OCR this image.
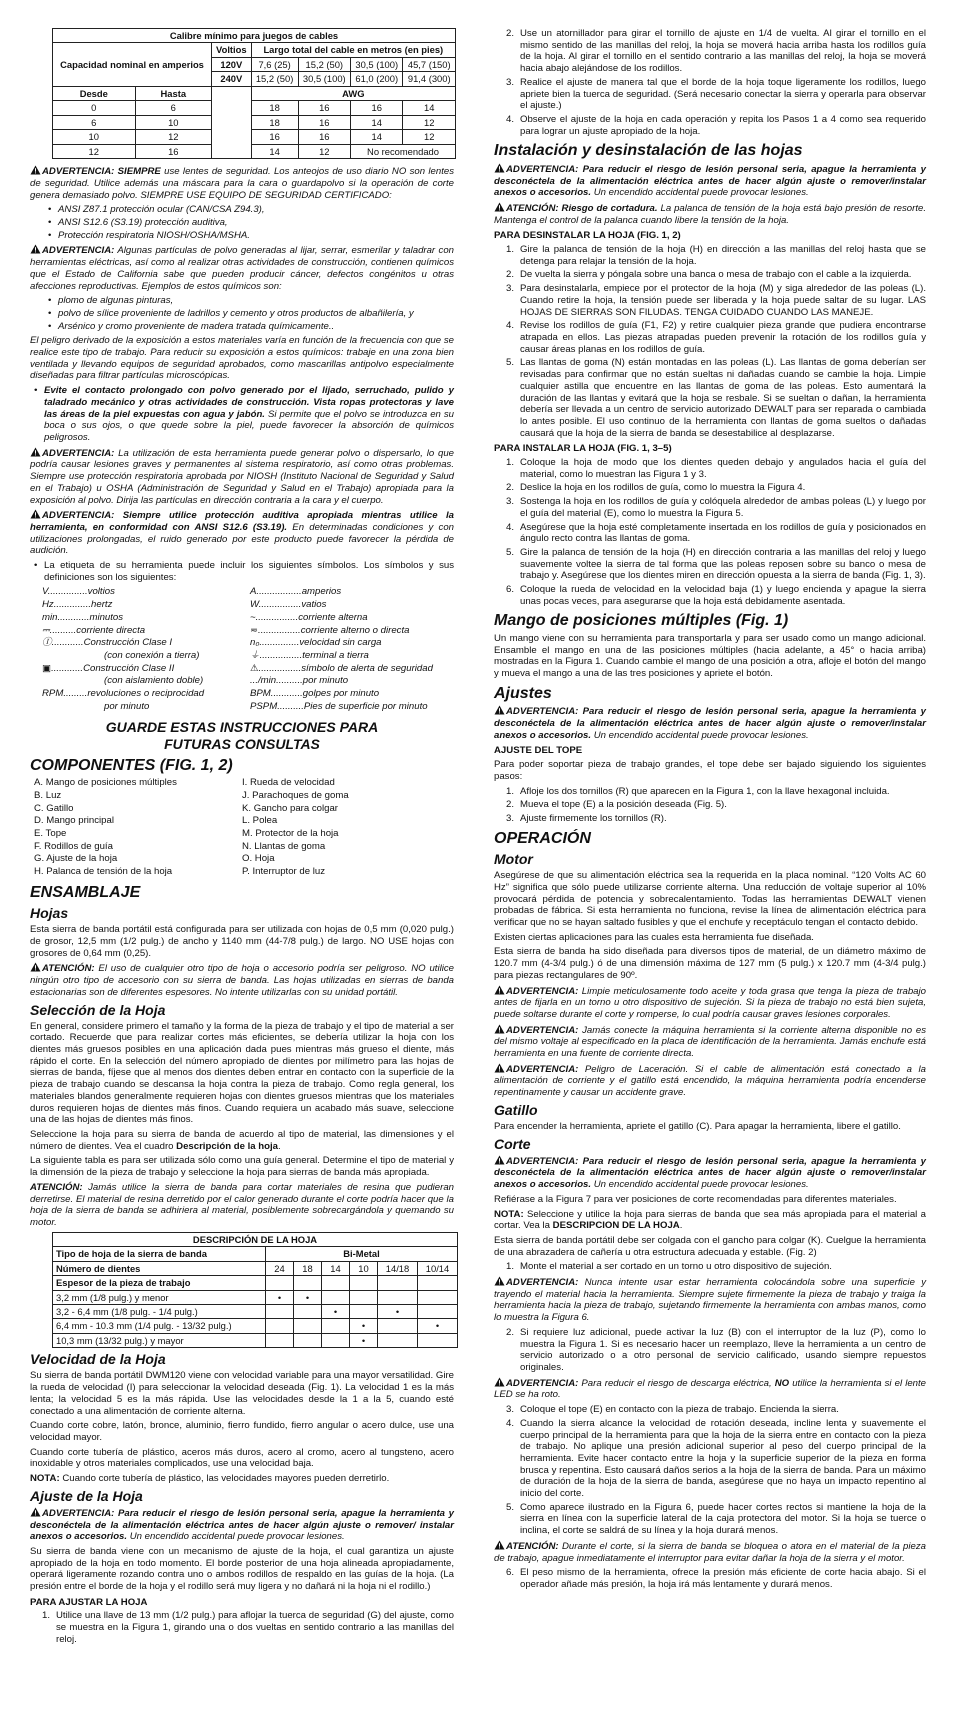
Calibre mínimo para juegos de cables						
Capacidad nominal en amperios		Voltios	Largo total del cable en metros (en pies)			
		120V	7,6 (25)	15,2 (50)	30,5 (100)	45,7 (150)
		240V	15,2 (50)	30,5 (100)	61,0 (200)	91,4 (300)
Desde	Hasta		AWG			
0	6		18	16	16	14
6	10		18	16	14	12
10	12		16	16	14	12
12	16		14	12	No recomendado	

ADVERTENCIA: SIEMPRE use lentes de seguridad. Los anteojos de uso diario NO son lentes de seguridad. Utilice además una máscara para la cara o guardapolvo si la operación de corte genera demasiado polvo. SIEMPRE USE EQUIPO DE SEGURIDAD CERTIFICADO:

• ANSI Z87.1 protección ocular (CAN/CSA Z94.3),
• ANSI S12.6 (S3.19) protección auditiva,
• Protección respiratoria NIOSH/OSHA/MSHA.

ADVERTENCIA: Algunas partículas de polvo generadas al lijar, serrar, esmerilar y taladrar con herramientas eléctricas, así como al realizar otras actividades de construcción, contienen químicos que el Estado de California sabe que pueden producir cáncer, defectos congénitos u otras afecciones reproductivas. Ejemplos de estos químicos son:

• plomo de algunas pinturas,
• polvo de sílice proveniente de ladrillos y cemento y otros productos de albañilería, y
• Arsénico y cromo proveniente de madera tratada químicamente..

El peligro derivado de la exposición a estos materiales varía en función de la frecuencia con que se realice este tipo de trabajo. Para reducir su exposición a estos químicos: trabaje en una zona bien ventilada y llevando equipos de seguridad aprobados, como mascarillas antipolvo especialmente diseñadas para filtrar partículas microscópicas.

• Evite el contacto prolongado con polvo generado por el lijado, serruchado, pulido y taladrado mecánico y otras actividades de construcción. Vista ropas protectoras y lave las áreas de la piel expuestas con agua y jabón. Si permite que el polvo se introduzca en su boca o sus ojos, o que quede sobre la piel, puede favorecer la absorción de químicos peligrosos.

ADVERTENCIA: La utilización de esta herramienta puede generar polvo o dispersarlo, lo que podría causar lesiones graves y permanentes al sistema respiratorio, así como otras problemas. Siempre use protección respiratoria aprobada por NIOSH (Instituto Nacional de Seguridad y Salud en el Trabajo) u OSHA (Administración de Seguridad y Salud en el Trabajo) apropiada para la exposición al polvo. Dirija las partículas en dirección contraria a la cara y el cuerpo.

ADVERTENCIA: Siempre utilice protección auditiva apropiada mientras utilice la herramienta, en conformidad con ANSI S12.6 (S3.19). En determinadas condiciones y con utilizaciones prolongadas, el ruido generado por este producto puede favorecer la pérdida de audición.

• La etiqueta de su herramienta puede incluir los siguientes símbolos. Los símbolos y sus definiciones son los siguientes:
V...............voltios	A.................amperios
Hz..............hertz	W................vatios
min............minutos	~................corriente alterna
⎓..........corriente directa	≂................corriente alterno o directa
Ⓘ............Construcción Clase I	n₀...............velocidad sin carga
(con conexión a tierra)	⏚................terminal a tierra
▣............Construcción Clase II	⚠................símbolo de alerta de seguridad
(con aislamiento doble)	.../min..........por minuto
RPM.........revoluciones o reciprocidad	BPM............golpes por minuto
por minuto	PSPM..........Pies de superficie por minuto
GUARDE ESTAS INSTRUCCIONES PARA FUTURAS CONSULTAS
COMPONENTES (FIG. 1, 2)
A. Mango de posiciones múltiples	I. Rueda de velocidad
B. Luz	J. Parachoques de goma
C. Gatillo	K. Gancho para colgar
D. Mango principal	L. Polea
E. Tope	M. Protector de la hoja
F. Rodillos de guía	N. Llantas de goma
G. Ajuste de la hoja	O. Hoja
H. Palanca de tensión de la hoja	P. Interruptor de luz
ENSAMBLAJE
Hojas

Esta sierra de banda portátil está configurada para ser utilizada con hojas de 0,5 mm (0,020 pulg.) de grosor, 12,5 mm (1/2 pulg.) de ancho y 1140 mm (44-7/8 pulg.) de largo. NO USE hojas con grosores de 0,64 mm (0,25).

ATENCIÓN: El uso de cualquier otro tipo de hoja o accesorio podría ser peligroso. NO utilice ningún otro tipo de accesorio con su sierra de banda. Las hojas utilizadas en sierras de banda estacionarias son de diferentes espesores. No intente utilizarlas con su unidad portátil.

Selección de la Hoja

En general, considere primero el tamaño y la forma de la pieza de trabajo y el tipo de material a ser cortado. Recuerde que para realizar cortes más eficientes, se debería utilizar la hoja con los dientes más gruesos posibles en una aplicación dada pues mientras más grueso el diente, más rápido el corte. En la selección del número apropiado de dientes por milímetro para las hojas de sierras de banda, fíjese que al menos dos dientes deben entrar en contacto con la superficie de la pieza de trabajo cuando se descansa la hoja contra la pieza de trabajo. Como regla general, los materiales blandos generalmente requieren hojas con dientes gruesos mientras que los materiales duros requieren hojas de dientes más finos. Cuando requiera un acabado más suave, seleccione una de las hojas de dientes más finos.

Seleccione la hoja para su sierra de banda de acuerdo al tipo de material, las dimensiones y el número de dientes. Vea el cuadro Descripción de la hoja.

La siguiente tabla es para ser utilizada sólo como una guía general. Determine el tipo de material y la dimensión de la pieza de trabajo y seleccione la hoja para sierras de banda más apropiada.

ATENCIÓN: Jamás utilice la sierra de banda para cortar materiales de resina que pudieran derretirse. El material de resina derretido por el calor generado durante el corte podría hacer que la hoja de la sierra de banda se adhiriera al material, posiblemente sobrecargándola y quemando su motor.

DESCRIPCIÓN DE LA HOJA						
Tipo de hoja de la sierra de banda	Bi-Metal					
Número de dientes	24	18	14	10	14/18	10/14
Espesor de la pieza de trabajo						
3,2 mm (1/8 pulg.) y menor	•	•				
3,2 - 6,4 mm (1/8 pulg. - 1/4 pulg.)			•		•	
6,4 mm - 10.3 mm (1/4 pulg. - 13/32 pulg.)				•		•
10,3 mm (13/32 pulg.) y mayor				•		
Velocidad de la Hoja

Su sierra de banda portátil DWM120 viene con velocidad variable para una mayor versatilidad. Gire la rueda de velocidad (I) para seleccionar la velocidad deseada (Fig. 1). La velocidad 1 es la más lenta; la velocidad 5 es la más rápida. Use las velocidades desde la 1 a la 5, cuando esté conectado a una alimentación de corriente alterna.

Cuando corte cobre, latón, bronce, aluminio, fierro fundido, fierro angular o acero dulce, use una velocidad mayor.

Cuando corte tubería de plástico, aceros más duros, acero al cromo, acero al tungsteno, acero inoxidable y otros materiales complicados, use una velocidad baja.

NOTA: Cuando corte tubería de plástico, las velocidades mayores pueden derretirlo.

Ajuste de la Hoja

ADVERTENCIA: Para reducir el riesgo de lesión personal seria, apague la herramienta y desconéctela de la alimentación eléctrica antes de hacer algún ajuste o remover/ instalar anexos o accesorios. Un encendido accidental puede provocar lesiones.

Su sierra de banda viene con un mecanismo de ajuste de la hoja, el cual garantiza un ajuste apropiado de la hoja en todo momento. El borde posterior de una hoja alineada apropiadamente, operará ligeramente rozando contra uno o ambos rodillos de respaldo en las guías de la hoja. (La presión entre el borde de la hoja y el rodillo será muy ligera y no dañará ni la hoja ni el rodillo.)

PARA AJUSTAR LA HOJA
1. Utilice una llave de 13 mm (1/2 pulg.) para aflojar la tuerca de seguridad (G) del ajuste, como se muestra en la Figura 1, girando una o dos vueltas en sentido contrario a las manillas del reloj.
2. Use un atornillador para girar el tornillo de ajuste en 1/4 de vuelta. Al girar el tornillo en el mismo sentido de las manillas del reloj, la hoja se moverá hacia arriba hasta los rodillos guía de la hoja. Al girar el tornillo en el sentido contrario a las manillas del reloj, la hoja se moverá hacia abajo alejándose de los rodillos.
3. Realice el ajuste de manera tal que el borde de la hoja toque ligeramente los rodillos, luego apriete bien la tuerca de seguridad. (Será necesario conectar la sierra y operarla para observar el ajuste.)
4. Observe el ajuste de la hoja en cada operación y repita los Pasos 1 a 4 como sea requerido para lograr un ajuste apropiado de la hoja.
Instalación y desinstalación de las hojas

ADVERTENCIA: Para reducir el riesgo de lesión personal seria, apague la herramienta y desconéctela de la alimentación eléctrica antes de hacer algún ajuste o remover/instalar anexos o accesorios. Un encendido accidental puede provocar lesiones.

ATENCIÓN: Riesgo de cortadura. La palanca de tensión de la hoja está bajo presión de resorte. Mantenga el control de la palanca cuando libere la tensión de la hoja.

PARA DESINSTALAR LA HOJA (FIG. 1, 2)
1. Gire la palanca de tensión de la hoja (H) en dirección a las manillas del reloj hasta que se detenga para relajar la tensión de la hoja.
2. De vuelta la sierra y póngala sobre una banca o mesa de trabajo con el cable a la izquierda.
3. Para desinstalarla, empiece por el protector de la hoja (M) y siga alrededor de las poleas (L). Cuando retire la hoja, la tensión puede ser liberada y la hoja puede saltar de su lugar. LAS HOJAS DE SIERRAS SON FILUDAS. TENGA CUIDADO CUANDO LAS MANEJE.
4. Revise los rodillos de guía (F1, F2) y retire cualquier pieza grande que pudiera encontrarse atrapada en ellos. Las piezas atrapadas pueden prevenir la rotación de los rodillos guía y causar áreas planas en los rodillos de guía.
5. Las llantas de goma (N) están montadas en las poleas (L). Las llantas de goma deberían ser revisadas para confirmar que no están sueltas ni dañadas cuando se cambie la hoja. Limpie cualquier astilla que encuentre en las llantas de goma de las poleas. Esto aumentará la duración de las llantas y evitará que la hoja se resbale. Si se sueltan o dañan, la herramienta debería ser llevada a un centro de servicio autorizado DEWALT para ser reparada o cambiada lo antes posible. El uso continuo de la herramienta con llantas de goma sueltos o dañadas causará que la hoja de la sierra de banda se desestabilice al desplazarse.
PARA INSTALAR LA HOJA (FIG. 1, 3–5)
1. Coloque la hoja de modo que los dientes queden debajo y angulados hacia el guía del material, como lo muestran las Figura 1 y 3.
2. Deslice la hoja en los rodillos de guía, como lo muestra la Figura 4.
3. Sostenga la hoja en los rodillos de guía y colóquela alrededor de ambas poleas (L) y luego por el guía del material (E), como lo muestra la Figura 5.
4. Asegúrese que la hoja esté completamente insertada en los rodillos de guía y posicionados en ángulo recto contra las llantas de goma.
5. Gire la palanca de tensión de la hoja (H) en dirección contraria a las manillas del reloj y luego suavemente voltee la sierra de tal forma que las poleas reposen sobre su banco o mesa de trabajo y. Asegúrese que los dientes miren en dirección opuesta a la sierra de banda (Fig. 1, 3).
6. Coloque la rueda de velocidad en la velocidad baja (1) y luego encienda y apague la sierra unas pocas veces, para asegurarse que la hoja está debidamente asentada.
Mango de posiciones múltiples (Fig. 1)

Un mango viene con su herramienta para transportarla y para ser usado como un mango adicional. Ensamble el mango en una de las posiciones múltiples (hacia adelante, a 45° o hacia arriba) mostradas en la Figura 1. Cuando cambie el mango de una posición a otra, afloje el botón del mango y mueva el mango a una de las tres posiciones y apriete el botón.

Ajustes

ADVERTENCIA: Para reducir el riesgo de lesión personal seria, apague la herramienta y desconéctela de la alimentación eléctrica antes de hacer algún ajuste o remover/instalar anexos o accesorios. Un encendido accidental puede provocar lesiones.

AJUSTE DEL TOPE

Para poder soportar pieza de trabajo grandes, el tope debe ser bajado siguiendo los siguientes pasos:

1. Afloje los dos tornillos (R) que aparecen en la Figura 1, con la llave hexagonal incluida.
2. Mueva el tope (E) a la posición deseada (Fig. 5).
3. Ajuste firmemente los tornillos (R).
OPERACIÓN
Motor

Asegúrese de que su alimentación eléctrica sea la requerida en la placa nominal. “120 Volts AC 60 Hz” significa que sólo puede utilizarse corriente alterna. Una reducción de voltaje superior al 10% provocará pérdida de potencia y sobrecalentamiento. Todas las herramientas DEWALT vienen probadas de fábrica. Si esta herramienta no funciona, revise la línea de alimentación eléctrica para verificar que no se hayan saltado fusibles y que el enchufe y receptáculo tengan el contacto debido.

Existen ciertas aplicaciones para las cuales esta herramienta fue diseñada.

Esta sierra de banda ha sido diseñada para diversos tipos de material, de un diámetro máximo de 120.7 mm (4-3/4 pulg.) ó de una dimensión máxima de 127 mm (5 pulg.) x 120.7 mm (4-3/4 pulg.) para piezas rectangulares de 90º.

ADVERTENCIA: Limpie meticulosamente todo aceite y toda grasa que tenga la pieza de trabajo antes de fijarla en un torno u otro dispositivo de sujeción. Si la pieza de trabajo no está bien sujeta, puede soltarse durante el corte y romperse, lo cual podría causar graves lesiones corporales.

ADVERTENCIA: Jamás conecte la máquina herramienta si la corriente alterna disponible no es del mismo voltaje al especificado en la placa de identificación de la herramienta. Jamás enchufe está herramienta en una fuente de corriente directa.

ADVERTENCIA: Peligro de Laceración. Si el cable de alimentación está conectado a la alimentación de corriente y el gatillo está encendido, la máquina herramienta podría encenderse repentinamente y causar un accidente grave.

Gatillo

Para encender la herramienta, apriete el gatillo (C). Para apagar la herramienta, libere el gatillo.

Corte

ADVERTENCIA: Para reducir el riesgo de lesión personal seria, apague la herramienta y desconéctela de la alimentación eléctrica antes de hacer algún ajuste o remover/instalar anexos o accesorios. Un encendido accidental puede provocar lesiones.

Refiérase a la Figura 7 para ver posiciones de corte recomendadas para diferentes materiales.

NOTA: Seleccione y utilice la hoja para sierras de banda que sea más apropiada para el material a cortar. Vea la DESCRIPCION DE LA HOJA.

Esta sierra de banda portátil debe ser colgada con el gancho para colgar (K). Cuelgue la herramienta de una abrazadera de cañería u otra estructura adecuada y estable. (Fig. 2)

1. Monte el material a ser cortado en un torno u otro dispositivo de sujeción.

ADVERTENCIA: Nunca intente usar estar herramienta colocándola sobre una superficie y trayendo el material hacia la herramienta. Siempre sujete firmemente la pieza de trabajo y traiga la herramienta hacia la pieza de trabajo, sujetando firmemente la herramienta con ambas manos, como lo muestra la Figura 6.

2. Si requiere luz adicional, puede activar la luz (B) con el interruptor de la luz (P), como lo muestra la Figura 1. Si es necesario hacer un reemplazo, lleve la herramienta a un centro de servicio autorizado o a otro personal de servicio calificado, usando siempre repuestos originales.

ADVERTENCIA: Para reducir el riesgo de descarga eléctrica, NO utilice la herramienta si el lente LED se ha roto.

3. Coloque el tope (E) en contacto con la pieza de trabajo. Encienda la sierra.
4. Cuando la sierra alcance la velocidad de rotación deseada, incline lenta y suavemente el cuerpo principal de la herramienta para que la hoja de la sierra entre en contacto con la pieza de trabajo. No aplique una presión adicional superior al peso del cuerpo principal de la herramienta. Evite hacer contacto entre la hoja y la superficie superior de la pieza en forma brusca y repentina. Esto causará daños serios a la hoja de la sierra de banda. Para un máximo de duración de la hoja de la sierra de banda, asegúrese que no haya un impacto repentino al inicio del corte.
5. Como aparece ilustrado en la Figura 6, puede hacer cortes rectos si mantiene la hoja de la sierra en línea con la superficie lateral de la caja protectora del motor. Si la hoja se tuerce o inclina, el corte se saldrá de su línea y la hoja durará menos.

ATENCIÓN: Durante el corte, si la sierra de banda se bloquea o atora en el material de la pieza de trabajo, apague inmediatamente el interruptor para evitar dañar la hoja de la sierra y el motor.

6. El peso mismo de la herramienta, ofrece la presión más eficiente de corte hacia abajo. Si el operador añade más presión, la hoja irá más lentamente y durará menos.
